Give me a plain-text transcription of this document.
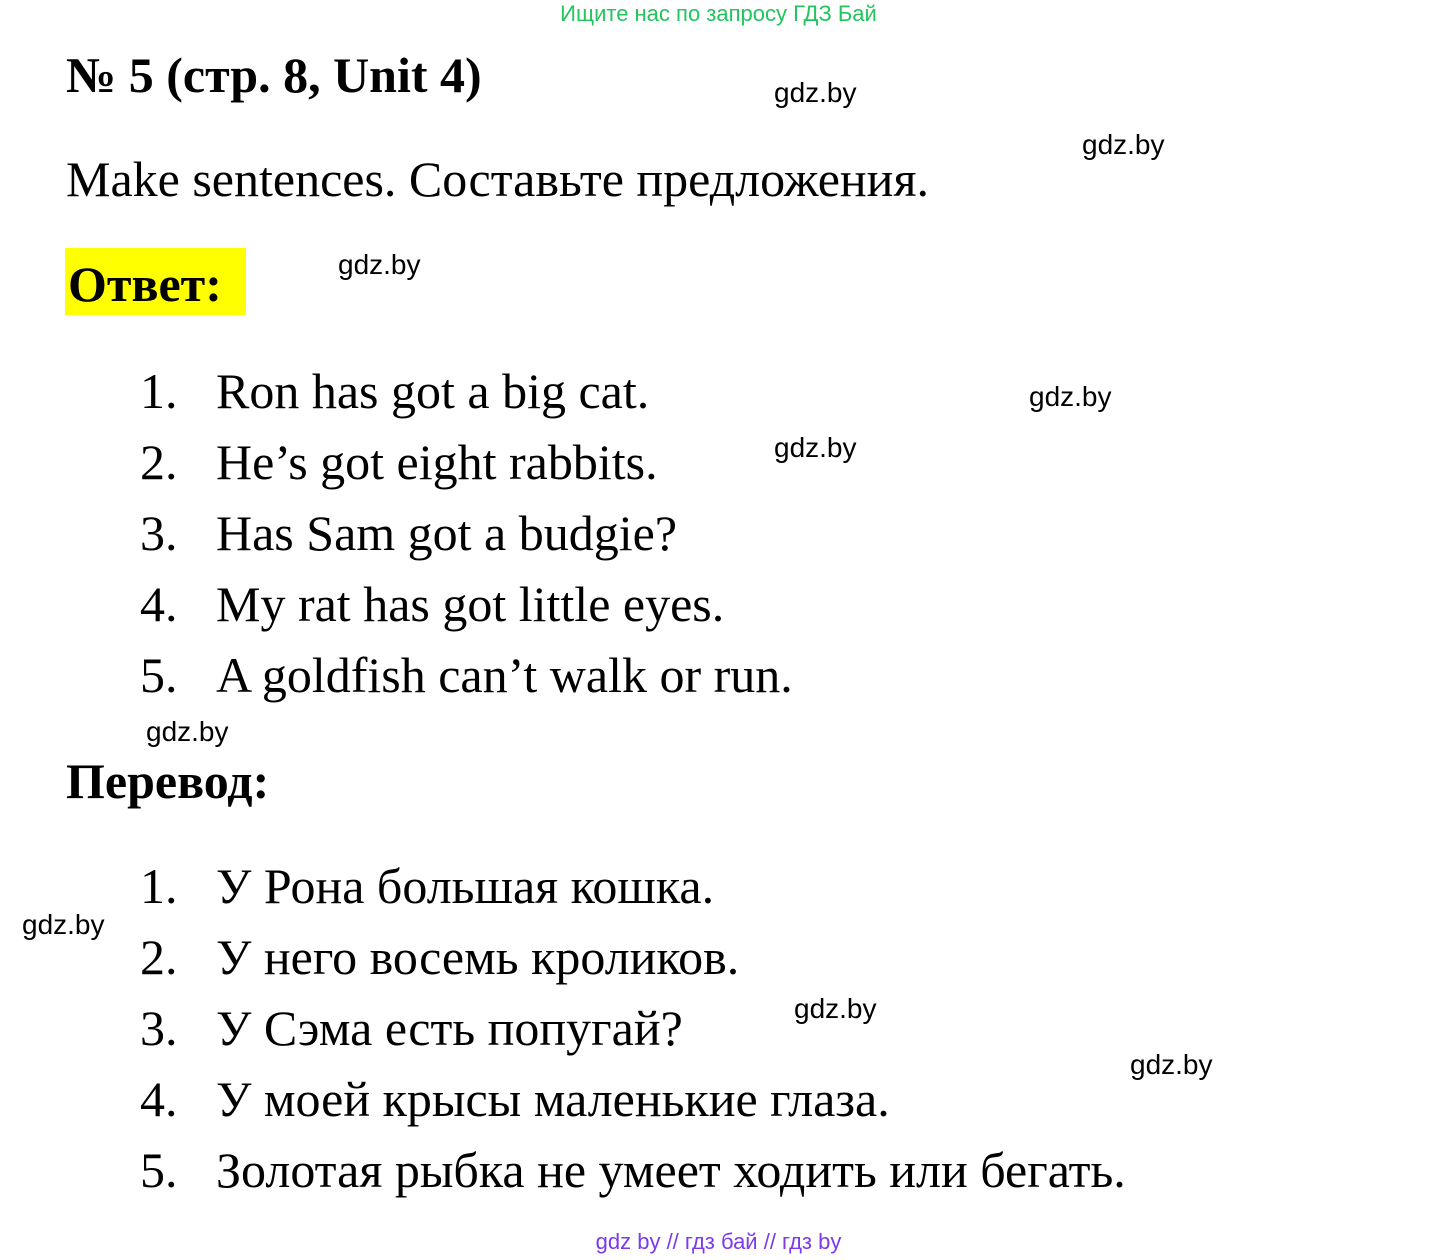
Ищите нас по запросу ГДЗ Бай
№ 5 (стр. 8, Unit 4)
Make sentences. Составьте предложения.
Ответ:
1. Ron has got a big cat.
2. He’s got eight rabbits.
3. Has Sam got a budgie?
4. My rat has got little eyes.
5. A goldfish can’t walk or run.
Перевод:
1. У Рона большая кошка.
2. У него восемь кроликов.
3. У Сэма есть попугай?
4. У моей крысы маленькие глаза.
5. Золотая рыбка не умеет ходить или бегать.
gdz.by
gdz.by
gdz.by
gdz.by
gdz.by
gdz.by
gdz.by
gdz.by
gdz.by
gdz by // гдз бай // гдз by
